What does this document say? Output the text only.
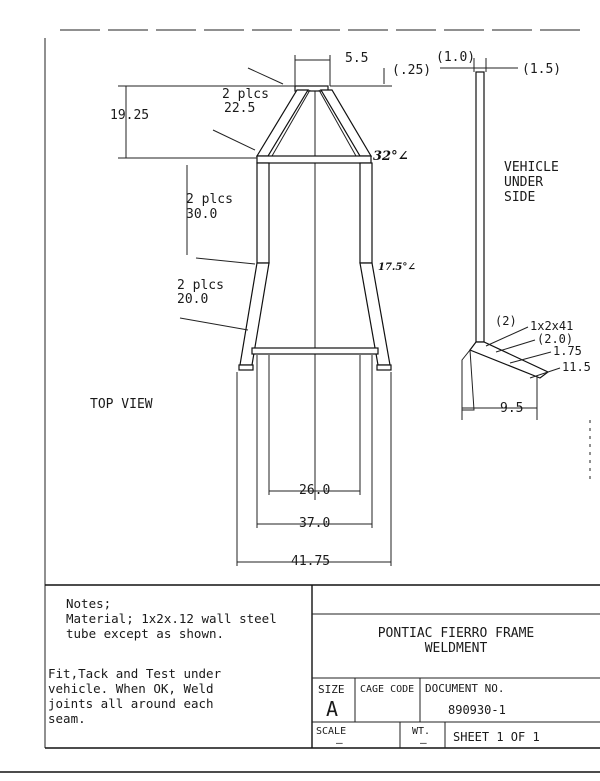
5.5
(.25)
2 plcs
22.5
19.25
32°∠
2 plcs
30.0
17.5°∠
2 plcs
20.0
TOP VIEW
26.0
37.0
41.75
(1.0)
(1.5)
VEHICLE
UNDER
SIDE
(2) 1x2x41
(2.0)
1.75
11.5
9.5
Notes;
Material; 1x2x.12 wall steel
tube except as shown.
Fit,Tack and Test under
vehicle. When OK, Weld
joints all around each
seam.
PONTIAC FIERRO FRAME
WELDMENT
SIZE
A
CAGE CODE DOCUMENT NO.
890930-1
SCALE
–
WT.
– SHEET 1 OF 1
